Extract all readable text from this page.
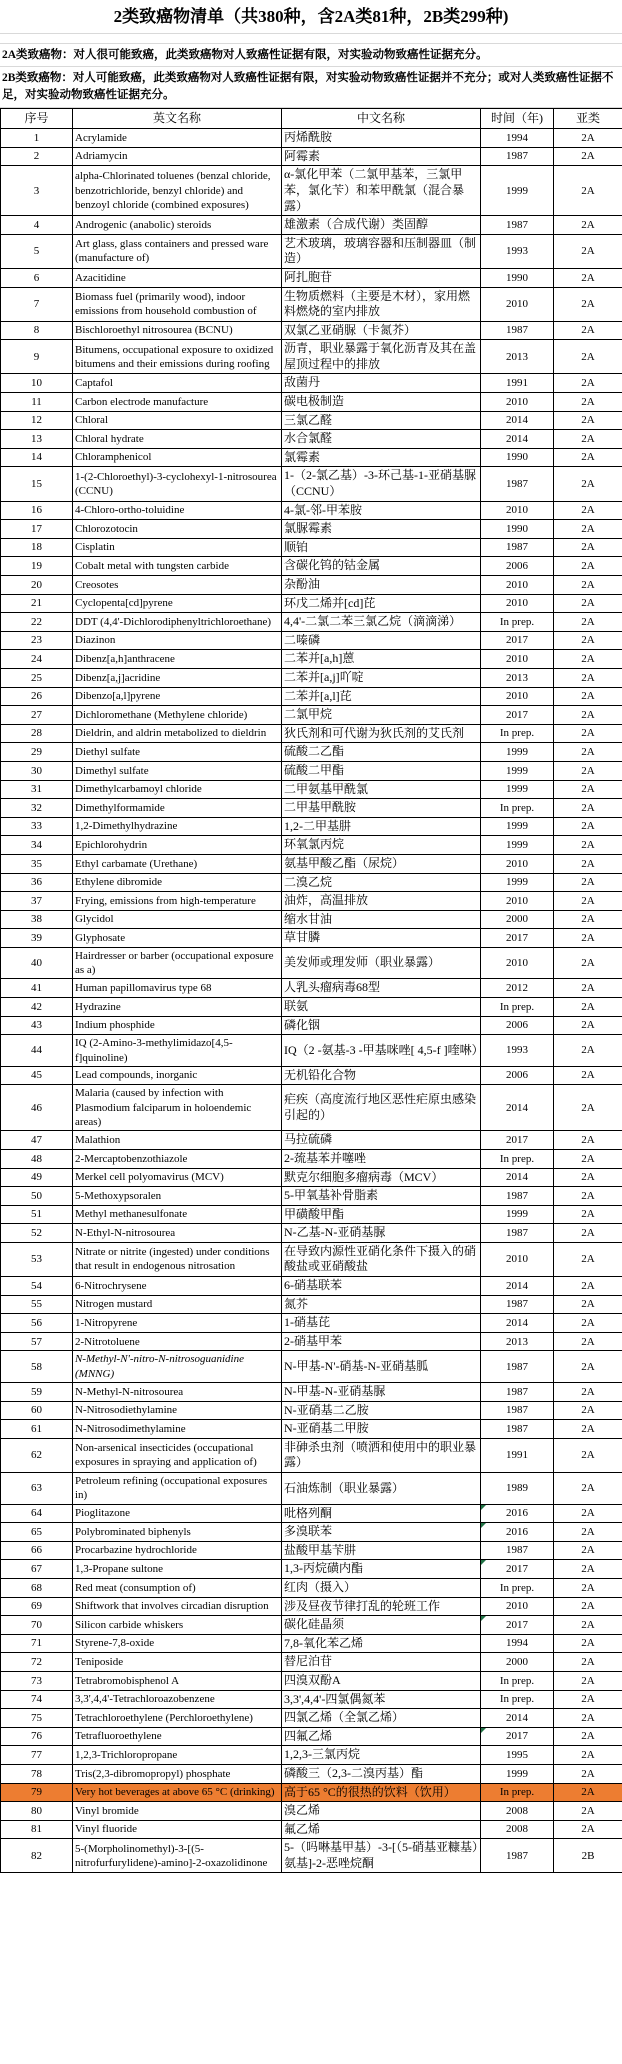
2类致癌物清单（共380种，含2A类81种，2B类299种)
2A类致癌物：对人很可能致癌，此类致癌物对人致癌性证据有限，对实验动物致癌性证据充分。
2B类致癌物：对人可能致癌，此类致癌物对人致癌性证据有限，对实验动物致癌性证据并不充分；或对人类致癌性证据不足，对实验动物致癌性证据充分。
序号	英文名称	中文名称	时间（年)	亚类
1	Acrylamide	丙烯酰胺	1994	2A
2	Adriamycin	阿霉素	1987	2A
3	alpha-Chlorinated toluenes (benzal chloride, benzotrichloride, benzyl chloride) and benzoyl chloride (combined exposures)	α-氯化甲苯（二氯甲基苯，三氯甲苯，氯化苄）和苯甲酰氯（混合暴露）	1999	2A
4	Androgenic (anabolic) steroids	雄激素（合成代谢）类固醇	1987	2A
5	Art glass, glass containers and pressed ware (manufacture of)	艺术玻璃，玻璃容器和压制器皿（制造）	1993	2A
6	Azacitidine	阿扎胞苷	1990	2A
7	Biomass fuel (primarily wood), indoor emissions from household combustion of	生物质燃料（主要是木材），家用燃料燃烧的室内排放	2010	2A
8	Bischloroethyl nitrosourea (BCNU)	双氯乙亚硝脲（卡氮芥）	1987	2A
9	Bitumens, occupational exposure to oxidized bitumens and their emissions during roofing	沥青，职业暴露于氧化沥青及其在盖屋顶过程中的排放	2013	2A
10	Captafol	敌菌丹	1991	2A
11	Carbon electrode manufacture	碳电极制造	2010	2A
12	Chloral	三氯乙醛	2014	2A
13	Chloral hydrate	水合氯醛	2014	2A
14	Chloramphenicol	氯霉素	1990	2A
15	1-(2-Chloroethyl)-3-cyclohexyl-1-nitrosourea (CCNU)	1-（2-氯乙基）-3-环己基-1-亚硝基脲（CCNU）	1987	2A
16	4-Chloro-ortho-toluidine	4-氯-邻-甲苯胺	2010	2A
17	Chlorozotocin	氯脲霉素	1990	2A
18	Cisplatin	顺铂	1987	2A
19	Cobalt metal with tungsten carbide	含碳化钨的钴金属	2006	2A
20	Creosotes	杂酚油	2010	2A
21	Cyclopenta[cd]pyrene	环戊二烯并[cd]芘	2010	2A
22	DDT (4,4'-Dichlorodiphenyltrichloroethane)	4,4'-二氯二苯三氯乙烷（滴滴涕）	In prep.	2A
23	Diazinon	二嗪磷	2017	2A
24	Dibenz[a,h]anthracene	二苯并[a,h]蒽	2010	2A
25	Dibenz[a,j]acridine	二苯并[a,j]吖啶	2013	2A
26	Dibenzo[a,l]pyrene	二苯并[a,l]芘	2010	2A
27	Dichloromethane (Methylene chloride)	二氯甲烷	2017	2A
28	Dieldrin, and aldrin metabolized to dieldrin	狄氏剂和可代谢为狄氏剂的艾氏剂	In prep.	2A
29	Diethyl sulfate	硫酸二乙酯	1999	2A
30	Dimethyl sulfate	硫酸二甲酯	1999	2A
31	Dimethylcarbamoyl chloride	二甲氨基甲酰氯	1999	2A
32	Dimethylformamide	二甲基甲酰胺	In prep.	2A
33	1,2-Dimethylhydrazine	1,2-二甲基肼	1999	2A
34	Epichlorohydrin	环氧氯丙烷	1999	2A
35	Ethyl carbamate (Urethane)	氨基甲酸乙酯（尿烷）	2010	2A
36	Ethylene dibromide	二溴乙烷	1999	2A
37	Frying, emissions from high-temperature	油炸，高温排放	2010	2A
38	Glycidol	缩水甘油	2000	2A
39	Glyphosate	草甘膦	2017	2A
40	Hairdresser or barber (occupational exposure as a)	美发师或理发师（职业暴露）	2010	2A
41	Human papillomavirus type 68	人乳头瘤病毒68型	2012	2A
42	Hydrazine	联氨	In prep.	2A
43	Indium phosphide	磷化铟	2006	2A
44	IQ (2-Amino-3-methylimidazo[4,5-f]quinoline)	IQ（2 -氨基-3 -甲基咪唑[ 4,5-f ]喹啉）	1993	2A
45	Lead compounds, inorganic	无机铅化合物	2006	2A
46	Malaria (caused by infection with Plasmodium falciparum in holoendemic areas)	疟疾（高度流行地区恶性疟原虫感染引起的）	2014	2A
47	Malathion	马拉硫磷	2017	2A
48	2-Mercaptobenzothiazole	2-巯基苯并噻唑	In prep.	2A
49	Merkel cell polyomavirus (MCV)	默克尔细胞多瘤病毒（MCV）	2014	2A
50	5-Methoxypsoralen	5-甲氧基补骨脂素	1987	2A
51	Methyl methanesulfonate	甲磺酸甲酯	1999	2A
52	N-Ethyl-N-nitrosourea	N-乙基-N-亚硝基脲	1987	2A
53	Nitrate or nitrite (ingested) under conditions that result in endogenous nitrosation	在导致内源性亚硝化条件下摄入的硝酸盐或亚硝酸盐	2010	2A
54	6-Nitrochrysene	6-硝基联苯	2014	2A
55	Nitrogen mustard	氮芥	1987	2A
56	1-Nitropyrene	1-硝基芘	2014	2A
57	2-Nitrotoluene	2-硝基甲苯	2013	2A
58	N-Methyl-N'-nitro-N-nitrosoguanidine (MNNG)	N-甲基-N'-硝基-N-亚硝基胍	1987	2A
59	N-Methyl-N-nitrosourea	N-甲基-N-亚硝基脲	1987	2A
60	N-Nitrosodiethylamine	N-亚硝基二乙胺	1987	2A
61	N-Nitrosodimethylamine	N-亚硝基二甲胺	1987	2A
62	Non-arsenical insecticides (occupational exposures in spraying and application of)	非砷杀虫剂（喷洒和使用中的职业暴露）	1991	2A
63	Petroleum refining (occupational exposures in)	石油炼制（职业暴露）	1989	2A
64	Pioglitazone	吡格列酮	2016	2A
65	Polybrominated biphenyls	多溴联苯	2016	2A
66	Procarbazine hydrochloride	盐酸甲基苄肼	1987	2A
67	1,3-Propane sultone	1,3-丙烷磺内酯	2017	2A
68	Red meat (consumption of)	红肉（摄入）	In prep.	2A
69	Shiftwork that involves circadian disruption	涉及昼夜节律打乱的轮班工作	2010	2A
70	Silicon carbide whiskers	碳化硅晶须	2017	2A
71	Styrene-7,8-oxide	7,8-氧化苯乙烯	1994	2A
72	Teniposide	替尼泊苷	2000	2A
73	Tetrabromobisphenol A	四溴双酚A	In prep.	2A
74	3,3',4,4'-Tetrachloroazobenzene	3,3',4,4'-四氯偶氮苯	In prep.	2A
75	Tetrachloroethylene (Perchloroethylene)	四氯乙烯（全氯乙烯）	2014	2A
76	Tetrafluoroethylene	四氟乙烯	2017	2A
77	1,2,3-Trichloropropane	1,2,3-三氯丙烷	1995	2A
78	Tris(2,3-dibromopropyl) phosphate	磷酸三（2,3-二溴丙基）酯	1999	2A
79	Very hot beverages at above 65 °C (drinking)	高于65 °C的很热的饮料（饮用）	In prep.	2A
80	Vinyl bromide	溴乙烯	2008	2A
81	Vinyl fluoride	氟乙烯	2008	2A
82	5-(Morpholinomethyl)-3-[(5-nitrofurfurylidene)-amino]-2-oxazolidinone	5-（吗啉基甲基）-3-[（5-硝基亚糠基）氨基]-2-恶唑烷酮	1987	2B
